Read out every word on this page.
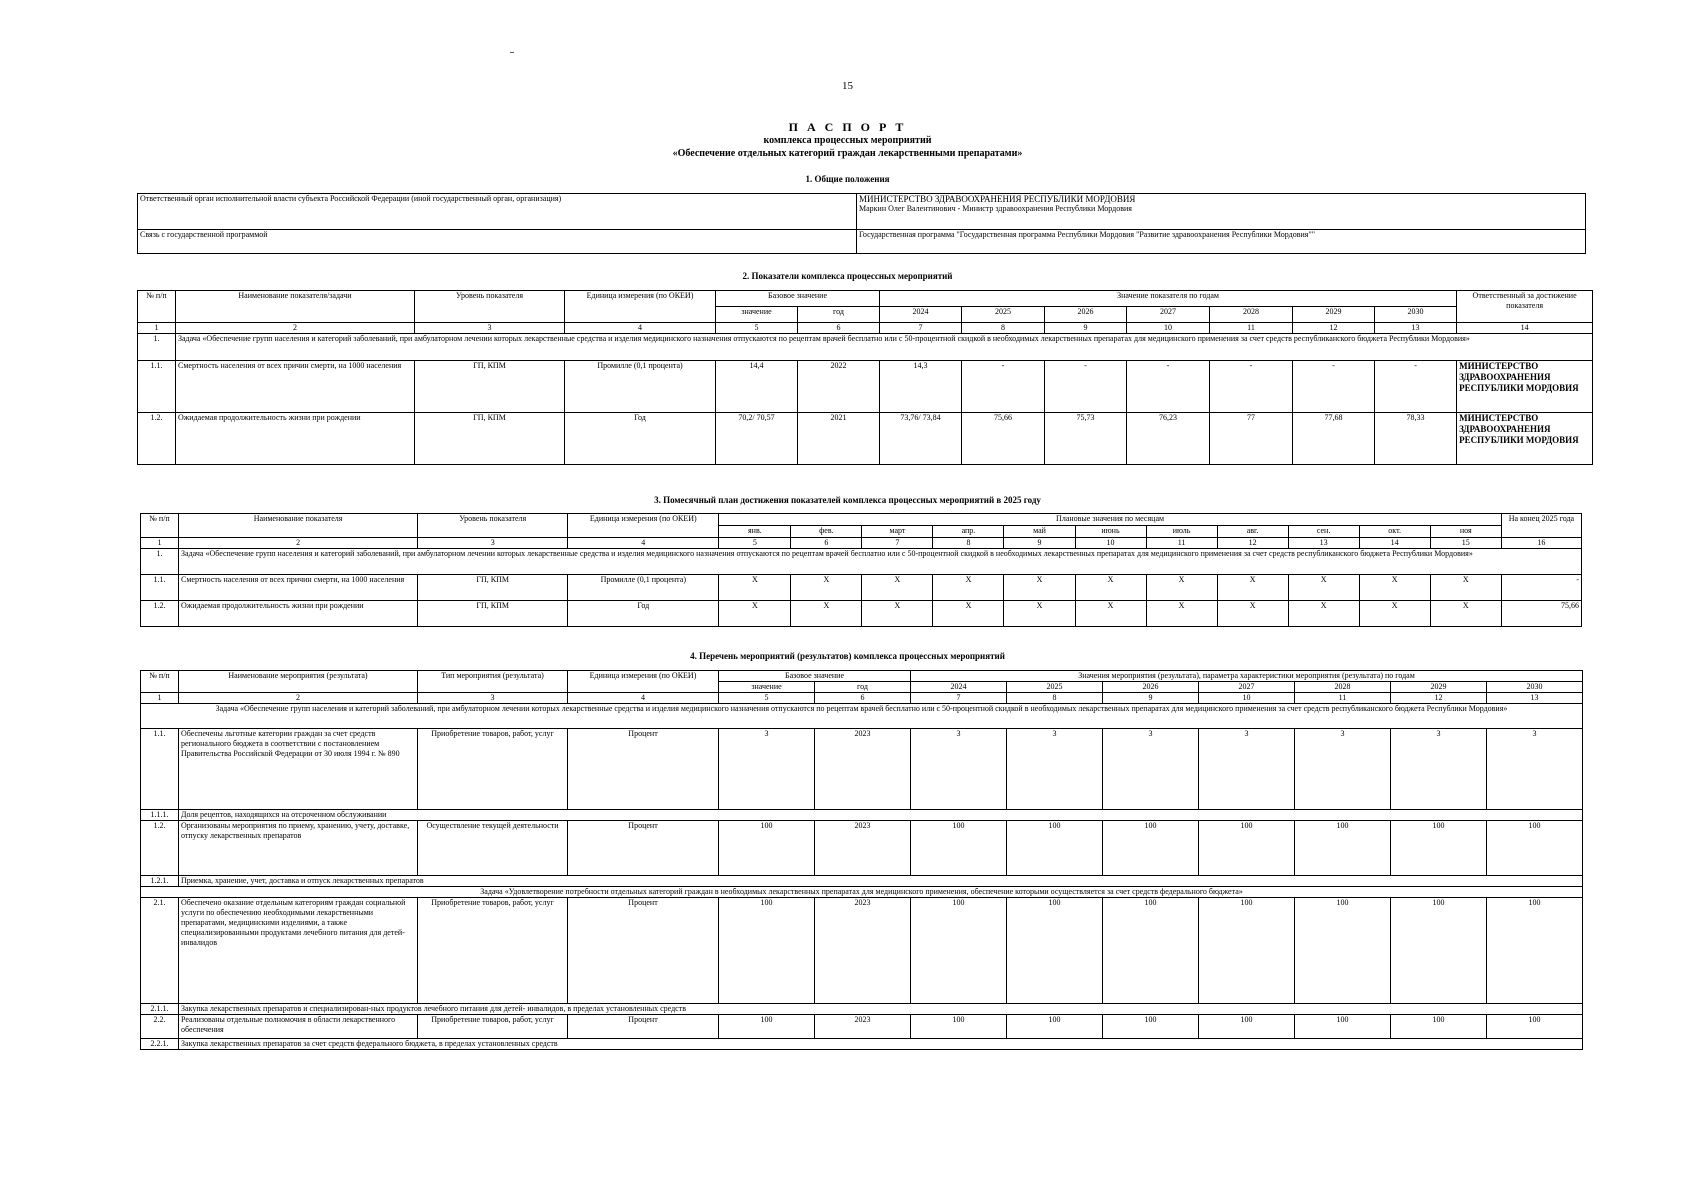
15
П А С П О Р Т
комплекса процессных мероприятий
«Обеспечение отдельных категорий граждан лекарственными препаратами»
1. Общие положения
Ответственный орган исполнительной власти субъекта Российской Федерации (иной государственный орган, организация)	МИНИСТЕРСТВО ЗДРАВООХРАНЕНИЯ РЕСПУБЛИКИ МОРДОВИЯ
Маркин Олег Валентинович - Министр здравоохранения Республики Мордовия

Связь с государственной программой	Государственная программа "Государственная программа Республики Мордовия "Развитие здравоохранения Республики Мордовия""
2. Показатели комплекса процессных мероприятий
№ п/п	Наименование показателя/задачи	Уровень показателя	Единица измерения (по ОКЕИ)	Базовое значение		Значение показателя по годам							Ответственный за достижение показателя
				значение	год	2024	2025	2026	2027	2028	2029	2030	
1	2	3	4	5	6	7	8	9	10	11	12	13	14
1.	Задача «Обеспечение групп населения и категорий заболеваний, при амбулаторном лечении которых лекарственные средства и изделия медицинского назначения отпускаются по рецептам врачей бесплатно или с 50-процентной скидкой в необходимых лекарственных препаратах для медицинского применения за счет средств республиканского бюджета Республики Мордовия»												
1.1.	Смертность населения от всех причин смерти, на 1000 населения	ГП, КПМ	Промилле (0,1 процента)	14,4	2022	14,3	-	-	-	-	-	-	МИНИСТЕРСТВО ЗДРАВООХРАНЕНИЯ РЕСПУБЛИКИ МОРДОВИЯ
1.2.	Ожидаемая продолжительность жизни при рождении	ГП, КПМ	Год	70,2/ 70,57	2021	73,76/ 73,84	75,66	75,73	76,23	77	77,68	78,33	МИНИСТЕРСТВО ЗДРАВООХРАНЕНИЯ РЕСПУБЛИКИ МОРДОВИЯ
3. Помесячный план достижения показателей комплекса процессных мероприятий в 2025 году
№ п/п	Наименование показателя	Уровень показателя	Единица измерения (по ОКЕИ)	Плановые значения по месяцам											На конец 2025 года
				янв.	фев.	март	апр.	май	июнь	июль	авг.	сен.	окт.	ноя	
1	2	3	4	5	6	7	8	9	10	11	12	13	14	15	16
1.	Задача «Обеспечение групп населения и категорий заболеваний, при амбулаторном лечении которых лекарственные средства и изделия медицинского назначения отпускаются по рецептам врачей бесплатно или с 50-процентной скидкой в необходимых лекарственных препаратах для медицинского применения за счет средств республиканского бюджета Республики Мордовия»														
1.1.	Смертность населения от всех причин смерти, на 1000 населения	ГП, КПМ	Промилле (0,1 процента)	X	X	X	X	X	X	X	X	X	X	X	-
1.2.	Ожидаемая продолжительность жизни при рождении	ГП, КПМ	Год	X	X	X	X	X	X	X	X	X	X	X	75,66
4. Перечень мероприятий (результатов) комплекса процессных мероприятий
№ п/п	Наименование мероприятия (результата)	Тип мероприятия (результата)	Единица измерения (по ОКЕИ)	Базовое значение		Значения мероприятия (результата), параметра характеристики мероприятия (результата) по годам						
				значение	год	2024	2025	2026	2027	2028	2029	2030
1	2	3	4	5	6	7	8	9	10	11	12	13
Задача «Обеспечение групп населения и категорий заболеваний, при амбулаторном лечении которых лекарственные средства и изделия медицинского назначения отпускаются по рецептам врачей бесплатно или с 50-процентной скидкой в необходимых лекарственных препаратах для медицинского применения за счет средств республиканского бюджета Республики Мордовия»												
1.1.	Обеспечены льготные категории граждан за счет средств регионального бюджета в соответствии с постановлением Правительства Российской Федерации от 30 июля 1994 г. № 890	Приобретение товаров, работ, услуг	Процент	3	2023	3	3	3	3	3	3	3
1.1.1.	Доля рецептов, находящихся на отсроченном обслуживании											
1.2.	Организованы мероприятия по приему, хранению, учету, доставке, отпуску лекарственных препаратов	Осуществление текущей деятельности	Процент	100	2023	100	100	100	100	100	100	100
1.2.1.	Приемка, хранение, учет, доставка и отпуск лекарственных препаратов											
Задача «Удовлетворение потребности отдельных категорий граждан в необходимых лекарственных препаратах для медицинского применения, обеспечение которыми осуществляется за счет средств федерального бюджета»												
2.1.	Обеспечено оказание отдельным категориям граждан социальной услуги по обеспечению необходимыми лекарственными препаратами, медицинскими изделиями, а также специализированными продуктами лечебного питания для детей-инвалидов	Приобретение товаров, работ, услуг	Процент	100	2023	100	100	100	100	100	100	100
2.1.1.	Закупка лекарственных препаратов и специализирован-ных продуктов лечебного питания для детей- инвалидов, в пределах установленных средств											
2.2.	Реализованы отдельные полномочия в области лекарственного обеспечения	Приобретение товаров, работ, услуг	Процент	100	2023	100	100	100	100	100	100	100
2.2.1.	Закупка лекарственных препаратов за счет средств федерального бюджета, в пределах установленных средств											
